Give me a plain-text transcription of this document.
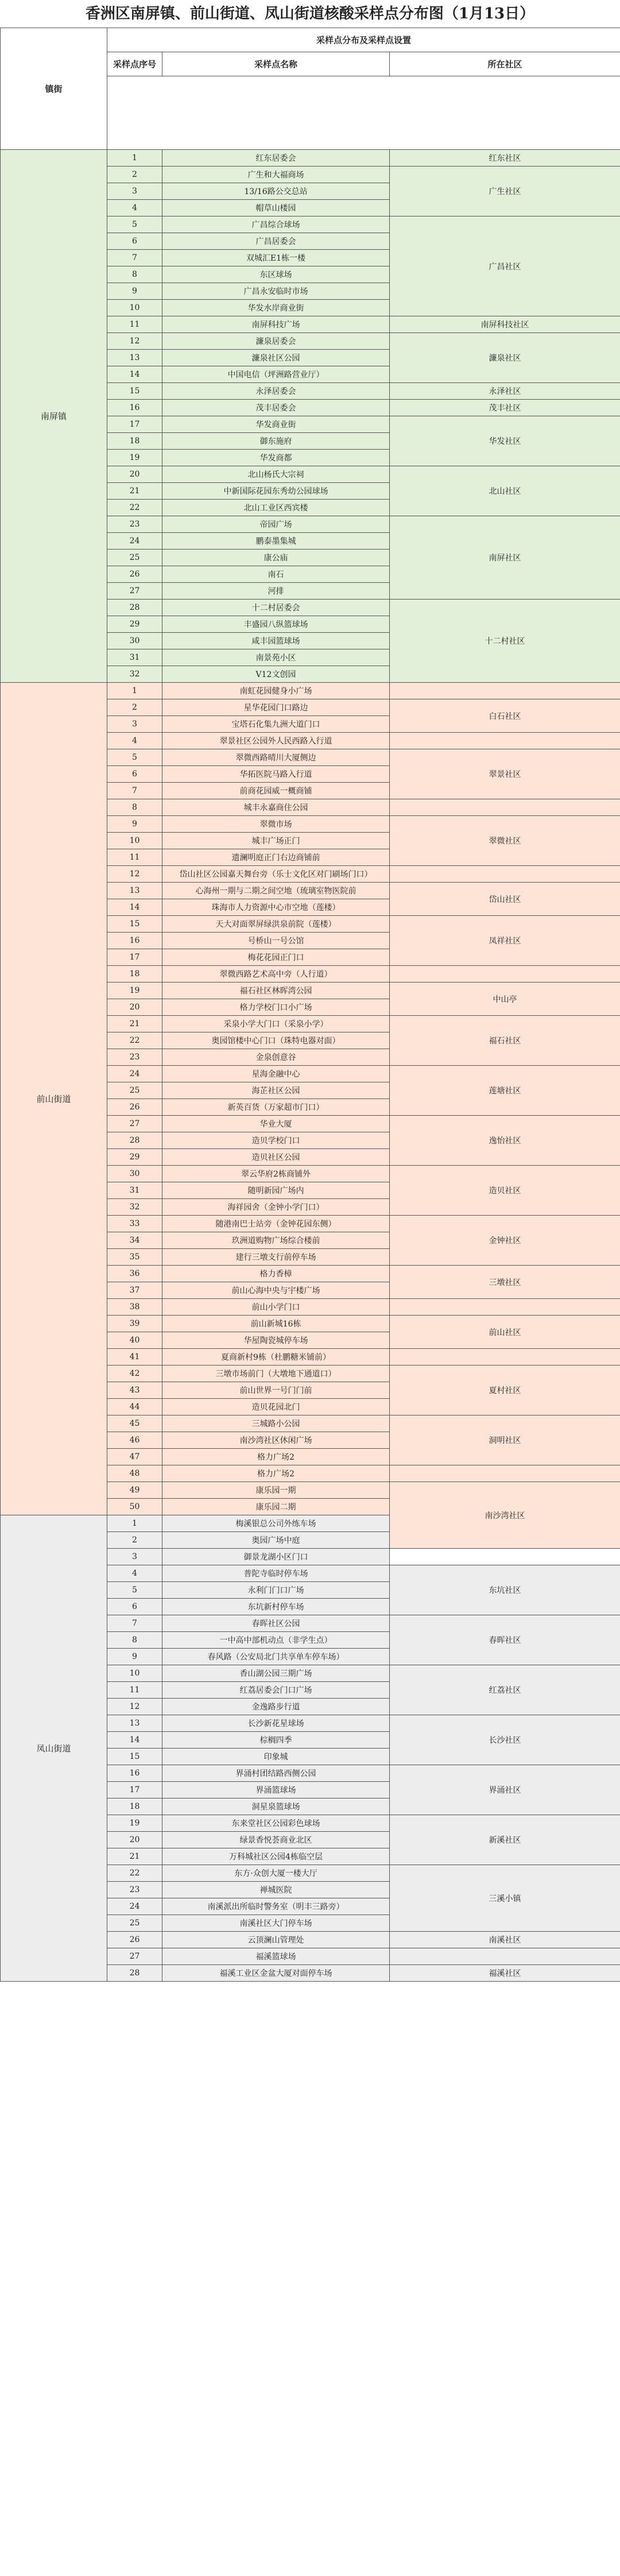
香洲区南屏镇、前山街道、凤山街道核酸采样点分布图（1月13日）
镇街	采样点分布及采样点设置			
	采样点序号	采样点名称	所在社区	

南屏镇	1	红东居委会	红东社区	
	2	广生和大福商场	广生社区	
	3	13/16路公交总站		
	4	帽草山楼园		
	5	广昌综合球场	广昌社区	
	6	广昌居委会		
	7	双城汇E1栋一楼		
	8	东区球场		
	9	广昌永安临时市场		
	10	华发水岸商业街		
	11	南屏科技广场	南屏科技社区	
	12	濂泉居委会	濂泉社区	
	13	濂泉社区公园		
	14	中国电信（坪洲路营业厅）		
	15	永泽居委会	永泽社区	
	16	茂丰居委会	茂丰社区	
	17	华发商业街	华发社区	
	18	御东施府		
	19	华发商都		
	20	北山杨氏大宗祠	北山社区	
	21	中新国际花园东秀幼公园球场		
	22	北山工业区西宾楼		
	23	帝园广场	南屏社区	
	24	鹏泰墨集城		
	25	康公庙		
	26	南石		
	27	河排		
	28	十二村居委会	十二村社区	
	29	丰盛园八纵篮球场		
	30	咸丰园篮球场		
	31	南景苑小区		
	32	V12文创园		
前山街道	1	南虹花园健身小广场		
	2	星华花园门口路边	白石社区	
	3	宝塔石化集九洲大道门口		
	4	翠景社区公园外人民西路入行道		
	5	翠微西路晴川大厦侧边	翠景社区	
	6	华拓医院马路入行道		
	7	前商花园威一概商铺		
	8	城丰永嘉商住公园		
	9	翠微市场	翠微社区	
	10	城丰广场正门		
	11	遗澜明庭正门右边商铺前		
	12	岱山社区公园嘉天舞台旁（乐士文化区对门刷场门口）		
	13	心海州一期与二期之间空地（琉璃室物医院前	岱山社区	
	14	珠海市人力资源中心市空地（莲楼）		
	15	天大对面翠屏绿洪泉前院（莲楼）	凤祥社区	
	16	号桥山一号公馆		
	17	梅花花园正门口		
	18	翠微西路艺术高中旁（人行道）		
	19	福石社区林晖湾公园	中山亭	
	20	格力学校门口小广场		
	21	采泉小学大门口（采泉小学）	福石社区	
	22	奥园馆楼中心门口（珠特电器对面）		
	23	金泉创意谷		
	24	星海金融中心	莲塘社区	
	25	海芷社区公园		
	26	新英百货（万家超市门口）		
	27	华业大厦	逸怡社区	
	28	造贝学校门口		
	29	造贝社区公园		
	30	翠云华府2栋商铺外	造贝社区	
	31	随明新园广场内		
	32	海祥园舍（金钟小学门口）		
	33	随港南巴士站旁（金钟花园东侧）	金钟社区	
	34	玖洲道购物广场综合楼前		
	35	建行三墩支行前停车场		
	36	格力香樟	三墩社区	
	37	前山心海中央与宇楼广场		
	38	前山小学门口		
	39	前山新城16栋	前山社区	
	40	华屋陶瓷城停车场		
	41	夏商新村9栋（杜鹏糖米铺前）		
	42	三墩市场前门（大墩地下通道口）	夏村社区	
	43	前山世界一号门门前		
	44	造贝花园北门		
	45	三城路小公园	洞明社区	
	46	南沙湾社区休闲广场		
	47	格力广场2		
	48	格力广场2		
	49	康乐园一期	南沙湾社区	
	50	康乐园二期		
凤山街道	1	梅溪银总公司外练车场	
	2	奥园广场中庭		
	3	御景龙湖小区门口		
	4	普陀寺临时停车场	东坑社区	
	5	永利门门口广场		
	6	东坑新村停车场		
	7	春晖社区公园	春晖社区	
	8	一中高中部机动点（非学生点）		
	9	春风路（公安局北门共享单车停车场）		
	10	香山湖公园三期广场	红荔社区	
	11	红荔居委会门口广场		
	12	金逸路步行道		
	13	长沙新花星球场	长沙社区	
	14	棕榈四季		
	15	印象城		
	16	界涌村团结路西侧公园	界涌社区	
	17	界涌篮球场		
	18	洞星泉篮球场		
	19	东来堂社区公园彩色球场	新溪社区	
	20	绿景香悦荟商业北区		
	21	万科城社区公园4栋临空层		
	22	东方·众创大厦一楼大厅	三溪小镇	
	23	禅城医院		
	24	南溪派出所临时警务室（明丰三路旁）		
	25	南溪社区大门停车场		
	26	云顶澜山管理处	南溪社区	
	27	福溪篮球场		
	28	福溪工业区金盆大厦对面停车场	福溪社区	
